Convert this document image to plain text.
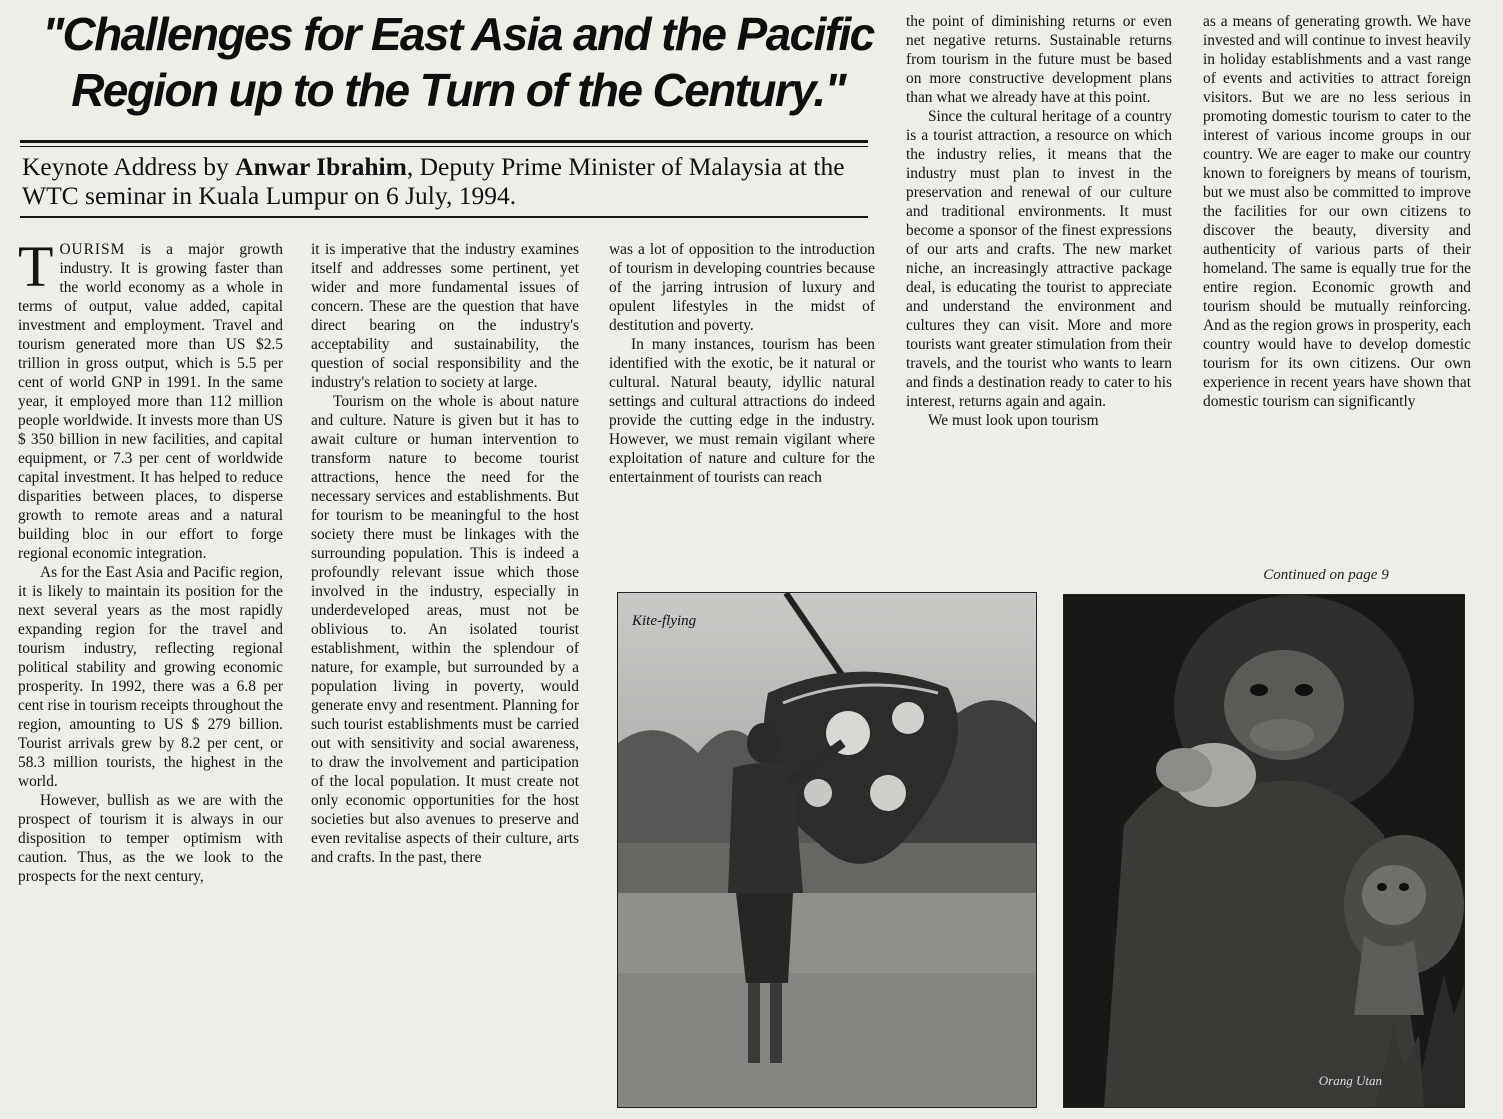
"Challenges for East Asia and the Pacific Region up to the Turn of the Century."

Keynote Address by Anwar Ibrahim, Deputy Prime Minister of Malaysia at the WTC seminar in Kuala Lumpur on 6 July, 1994.

TOURISM is a major growth industry. It is growing faster than the world economy as a whole in terms of output, value added, capital investment and employment. Travel and tourism generated more than US $2.5 trillion in gross output, which is 5.5 per cent of world GNP in 1991. In the same year, it employed more than 112 million people worldwide. It invests more than US $ 350 billion in new facilities, and capital equipment, or 7.3 per cent of worldwide capital investment. It has helped to reduce disparities between places, to disperse growth to remote areas and a natural building bloc in our effort to forge regional economic integration.

As for the East Asia and Pacific region, it is likely to maintain its position for the next several years as the most rapidly expanding region for the travel and tourism industry, reflecting regional political stability and growing economic prosperity. In 1992, there was a 6.8 per cent rise in tourism receipts throughout the region, amounting to US $ 279 billion. Tourist arrivals grew by 8.2 per cent, or 58.3 million tourists, the highest in the world.

However, bullish as we are with the prospect of tourism it is always in our disposition to temper optimism with caution. Thus, as the we look to the prospects for the next century,

it is imperative that the industry examines itself and addresses some pertinent, yet wider and more fundamental issues of concern. These are the question that have direct bearing on the industry's acceptability and sustainability, the question of social responsibility and the industry's relation to society at large.

Tourism on the whole is about nature and culture. Nature is given but it has to await culture or human intervention to transform nature to become tourist attractions, hence the need for the necessary services and establishments. But for tourism to be meaningful to the host society there must be linkages with the surrounding population. This is indeed a profoundly relevant issue which those involved in the industry, especially in underdeveloped areas, must not be oblivious to. An isolated tourist establishment, within the splendour of nature, for example, but surrounded by a population living in poverty, would generate envy and resentment. Planning for such tourist establishments must be carried out with sensitivity and social awareness, to draw the involvement and participation of the local population. It must create not only economic opportunities for the host societies but also avenues to preserve and even revitalise aspects of their culture, arts and crafts. In the past, there

was a lot of opposition to the introduction of tourism in developing countries because of the jarring intrusion of luxury and opulent lifestyles in the midst of destitution and poverty.

In many instances, tourism has been identified with the exotic, be it natural or cultural. Natural beauty, idyllic natural settings and cultural attractions do indeed provide the cutting edge in the industry. However, we must remain vigilant where exploitation of nature and culture for the entertainment of tourists can reach

the point of diminishing returns or even net negative returns. Sustainable returns from tourism in the future must be based on more constructive development plans than what we already have at this point.

Since the cultural heritage of a country is a tourist attraction, a resource on which the industry relies, it means that the industry must plan to invest in the preservation and renewal of our culture and traditional environments. It must become a sponsor of the finest expressions of our arts and crafts. The new market niche, an increasingly attractive package deal, is educating the tourist to appreciate and understand the environment and cultures they can visit. More and more tourists want greater stimulation from their travels, and the tourist who wants to learn and finds a destination ready to cater to his interest, returns again and again.

We must look upon tourism

as a means of generating growth. We have invested and will continue to invest heavily in holiday establishments and a vast range of events and activities to attract foreign visitors. But we are no less serious in promoting domestic tourism to cater to the interest of various income groups in our country. We are eager to make our country known to foreigners by means of tourism, but we must also be committed to improve the facilities for our own citizens to discover the beauty, diversity and authenticity of various parts of their homeland. The same is equally true for the entire region. Economic growth and tourism should be mutually reinforcing. And as the region grows in prosperity, each country would have to develop domestic tourism for its own citizens. Our own experience in recent years have shown that domestic tourism can significantly

Continued on page 9
Kite-flying
Orang Utan
